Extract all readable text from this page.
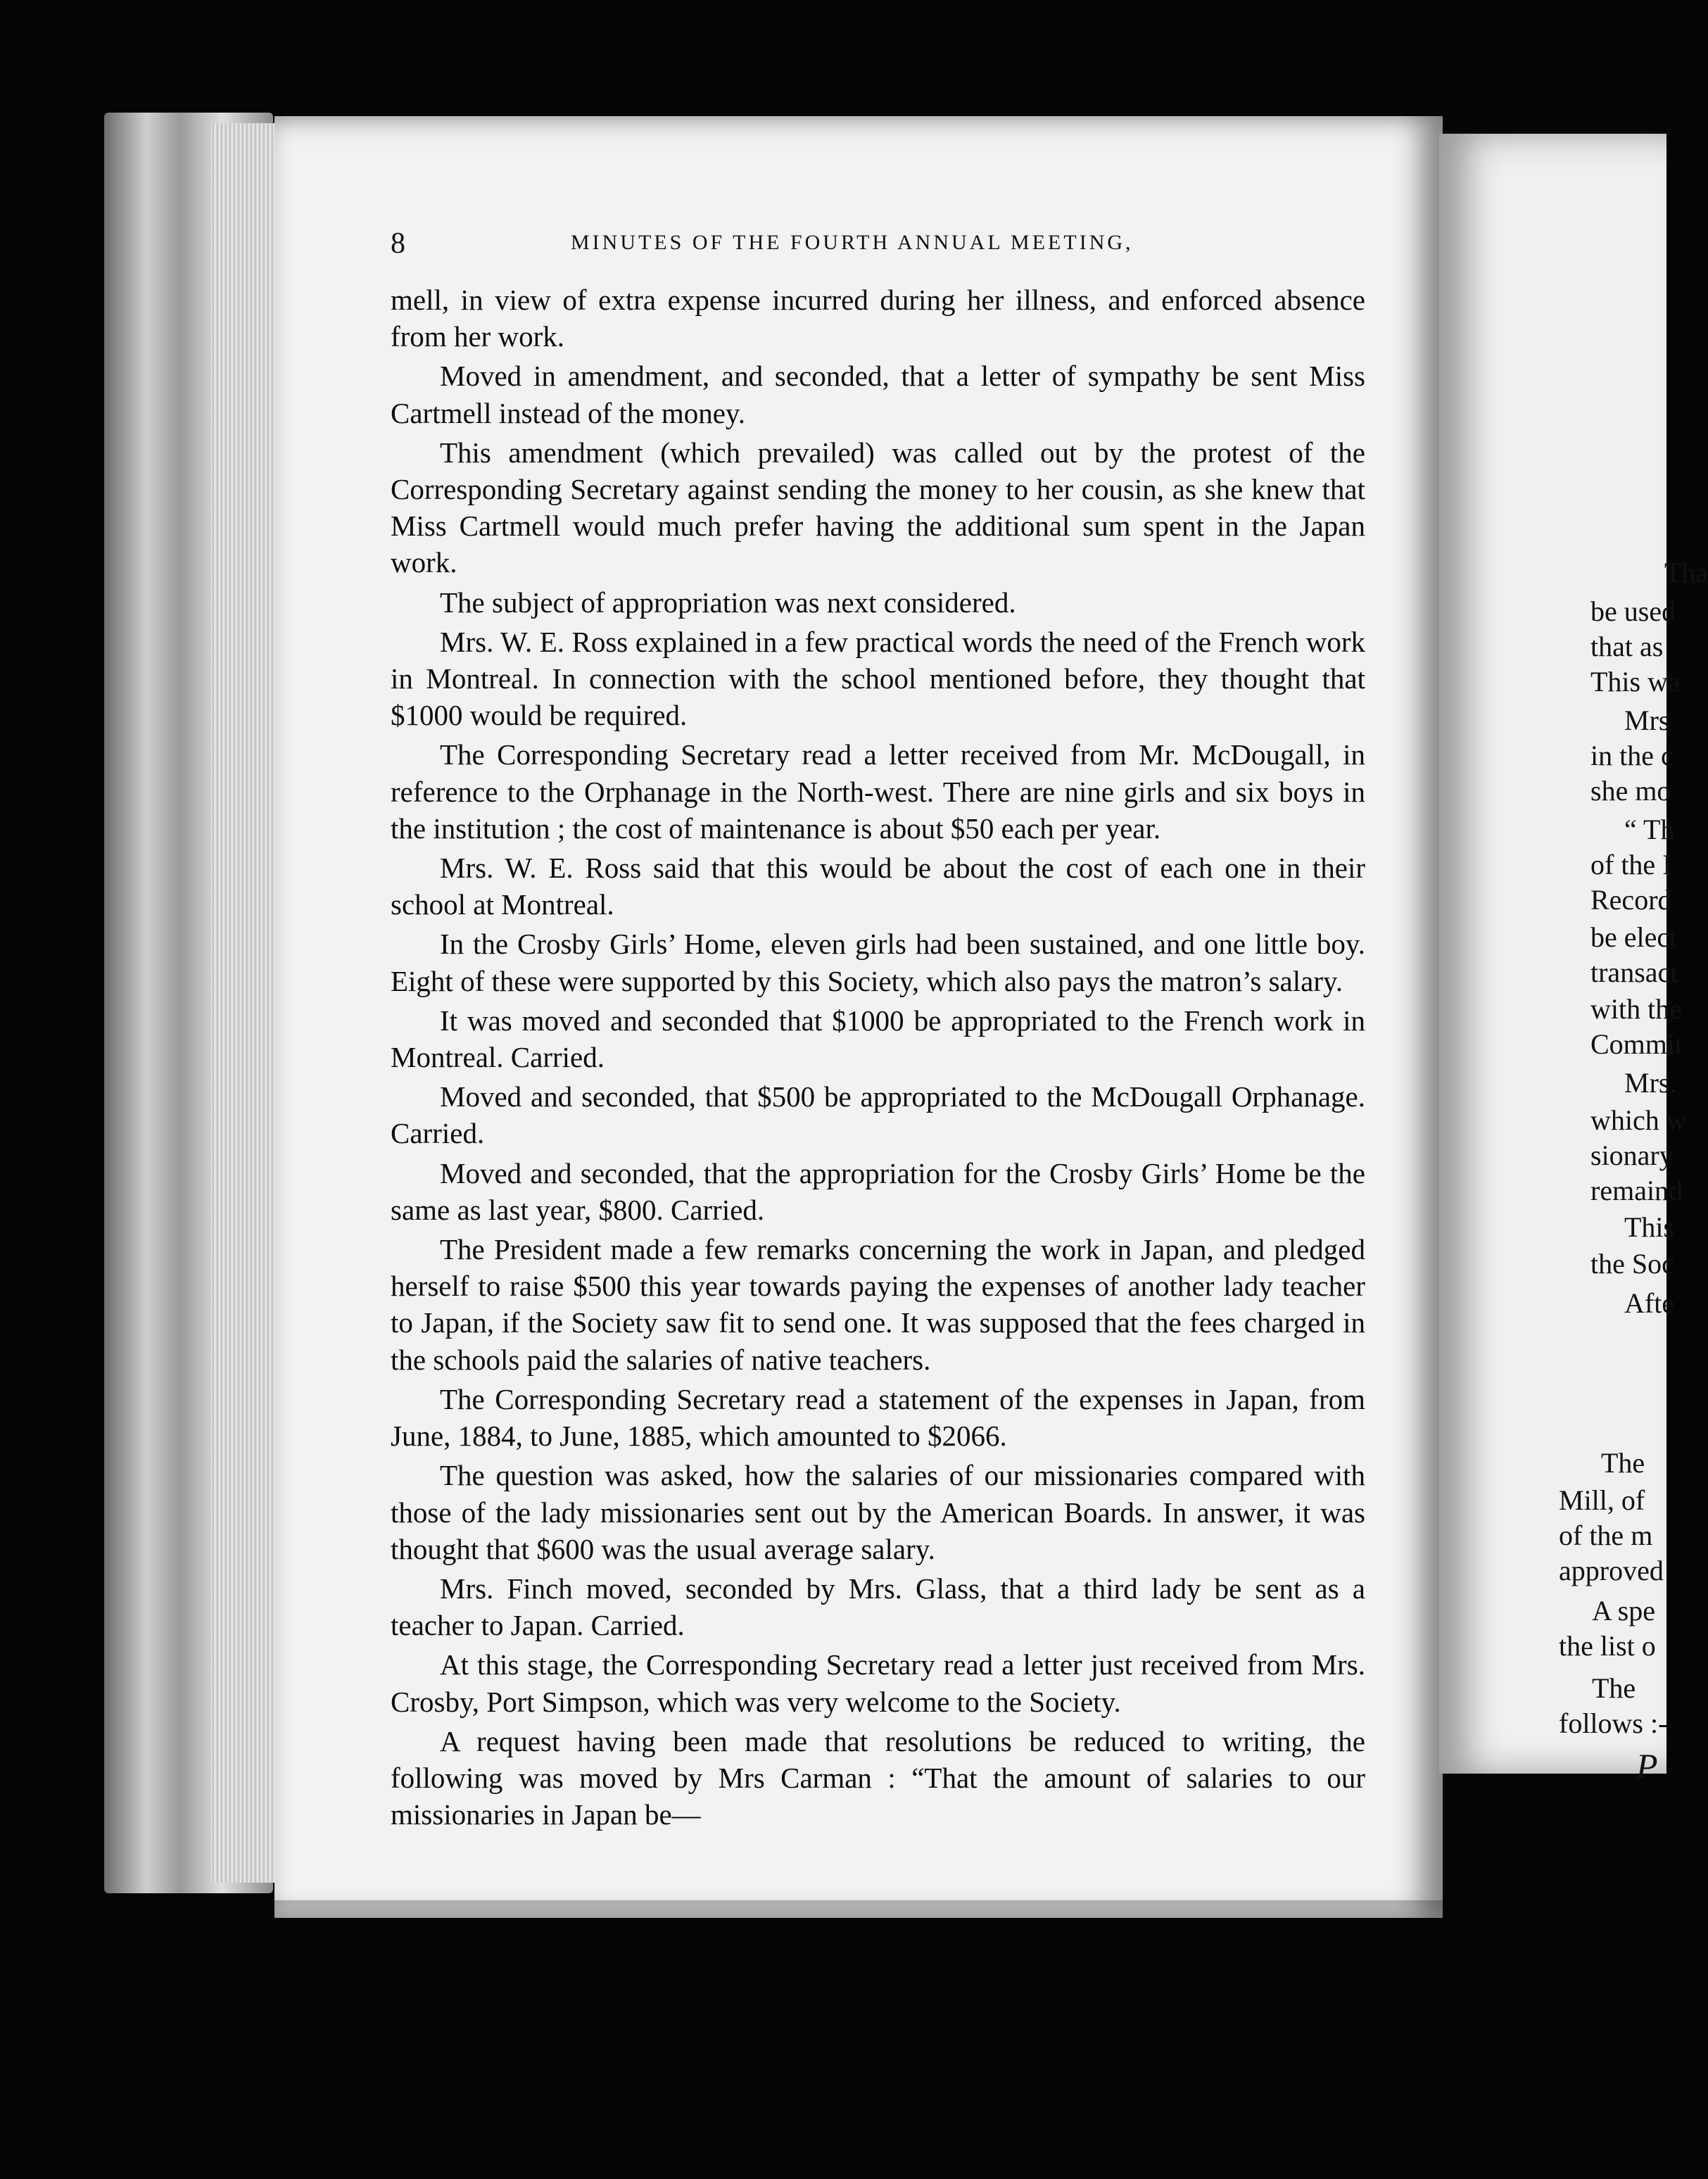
Tha
be used
that as
This wa
Mrs
in the c
she mo
“ Th
of the I
Record
be elect
transact
with the
Commit
Mrs.
which w
sionary
remaind
This
the Soc
Afte
The
Mill, of
of the m
approved
A spe
the list o
The
follows :-
P
8	MINUTES OF THE FOURTH ANNUAL MEETING,

mell, in view of extra expense incurred during her illness, and enforced absence from her work.

Moved in amendment, and seconded, that a letter of sympathy be sent Miss Cartmell instead of the money.

This amendment (which prevailed) was called out by the protest of the Corresponding Secretary against sending the money to her cousin, as she knew that Miss Cartmell would much prefer having the additional sum spent in the Japan work.

The subject of appropriation was next considered.

Mrs. W. E. Ross explained in a few practical words the need of the French work in Montreal. In connection with the school mentioned before, they thought that $1000 would be required.

The Corresponding Secretary read a letter received from Mr. McDougall, in reference to the Orphanage in the North-west. There are nine girls and six boys in the institution ; the cost of maintenance is about $50 each per year.

Mrs. W. E. Ross said that this would be about the cost of each one in their school at Montreal.

In the Crosby Girls’ Home, eleven girls had been sustained, and one little boy. Eight of these were supported by this Society, which also pays the matron’s salary.

It was moved and seconded that $1000 be appropriated to the French work in Montreal. Carried.

Moved and seconded, that $500 be appropriated to the McDougall Orphanage. Carried.

Moved and seconded, that the appropriation for the Crosby Girls’ Home be the same as last year, $800. Carried.

The President made a few remarks concerning the work in Japan, and pledged herself to raise $500 this year towards paying the expenses of another lady teacher to Japan, if the Society saw fit to send one. It was supposed that the fees charged in the schools paid the salaries of native teachers.

The Corresponding Secretary read a statement of the expenses in Japan, from June, 1884, to June, 1885, which amounted to $2066.

The question was asked, how the salaries of our missionaries compared with those of the lady missionaries sent out by the American Boards. In answer, it was thought that $600 was the usual average salary.

Mrs. Finch moved, seconded by Mrs. Glass, that a third lady be sent as a teacher to Japan. Carried.

At this stage, the Corresponding Secretary read a letter just received from Mrs. Crosby, Port Simpson, which was very welcome to the Society.

A request having been made that resolutions be reduced to writing, the following was moved by Mrs Carman : “That the amount of salaries to our missionaries in Japan be—
